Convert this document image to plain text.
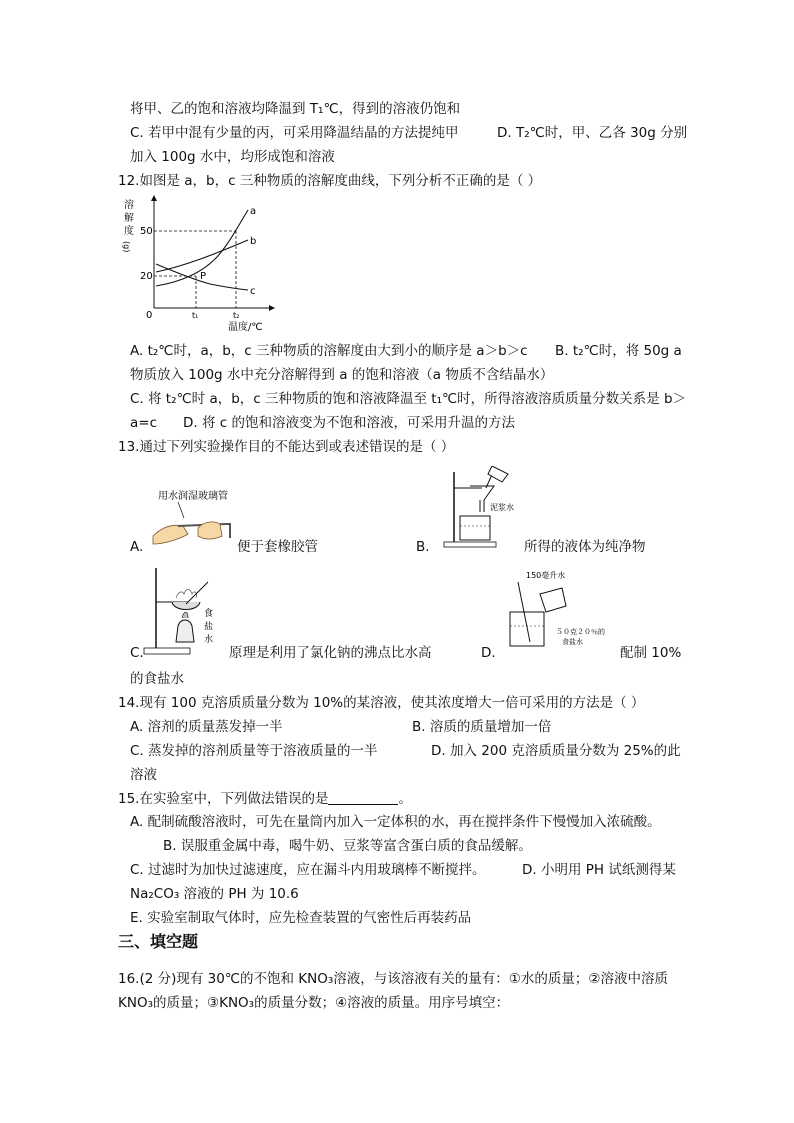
将甲、乙的饱和溶液均降温到 T₁℃，得到的溶液仍饱和
C. 若甲中混有少量的丙，可采用降温结晶的方法提纯甲	D. T₂℃时，甲、乙各 30g 分别
加入 100g 水中，均形成饱和溶液
12.如图是 a，b，c 三种物质的溶解度曲线，下列分析不正确的是（ ）
溶
解
度
(g)
50
20
0	t₁	t₂
a
b
c
P
温度/℃
A. t₂℃时，a，b，c 三种物质的溶解度由大到小的顺序是 a＞b＞c B. t₂℃时，将 50g a
物质放入 100g 水中充分溶解得到 a 的饱和溶液（a 物质不含结晶水）
C. 将 t₂℃时 a，b，c 三种物质的饱和溶液降温至 t₁℃时，所得溶液溶质质量分数关系是 b＞
a=c D. 将 c 的饱和溶液变为不饱和溶液，可采用升温的方法
13.通过下列实验操作目的不能达到或表述错误的是（ ）
A.
用水润湿玻璃管
便于套橡胶管	B.
泥浆水
所得的液体为纯净物
C.
食
盐
水
原理是利用了氯化钠的沸点比水高	D.
150毫升水
５０克２０％的
食盐水
配制 10%
的食盐水
14.现有 100 克溶质质量分数为 10%的某溶液，使其浓度增大一倍可采用的方法是（ ）
A. 溶剂的质量蒸发掉一半	B. 溶质的质量增加一倍
C. 蒸发掉的溶剂质量等于溶液质量的一半	D. 加入 200 克溶质质量分数为 25%的此
溶液
15.在实验室中，下列做法错误的是	。
A. 配制硫酸溶液时，可先在量筒内加入一定体积的水，再在搅拌条件下慢慢加入浓硫酸。
B. 误服重金属中毒，喝牛奶、豆浆等富含蛋白质的食品缓解。
C. 过滤时为加快过滤速度，应在漏斗内用玻璃棒不断搅拌。	D. 小明用 PH 试纸测得某
Na₂CO₃ 溶液的 PH 为 10.6
E. 实验室制取气体时，应先检查装置的气密性后再装药品
三、填空题
16.(2 分)现有 30℃的不饱和 KNO₃溶液，与该溶液有关的量有：①水的质量；②溶液中溶质
KNO₃的质量；③KNO₃的质量分数；④溶液的质量。用序号填空：
